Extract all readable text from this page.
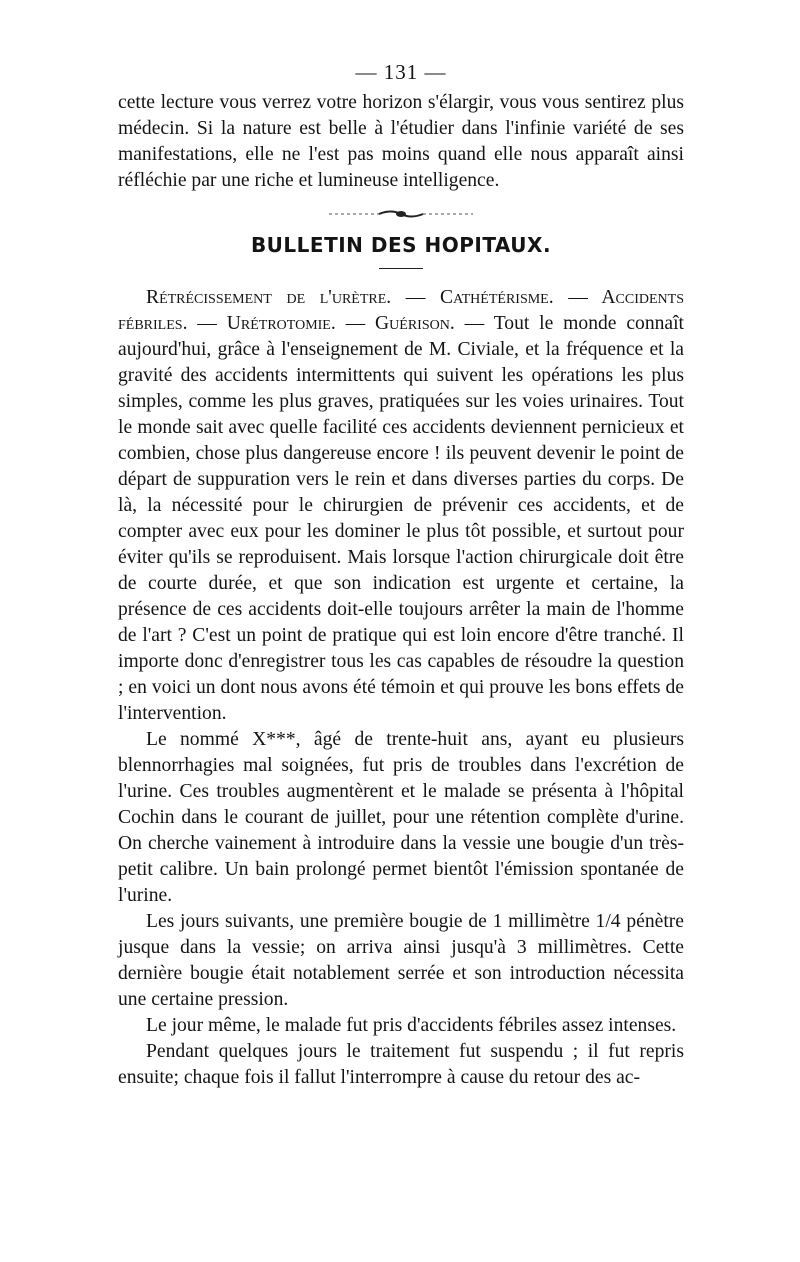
— 131 —

cette lecture vous verrez votre horizon s'élargir, vous vous sentirez plus médecin. Si la nature est belle à l'étudier dans l'infinie variété de ses manifestations, elle ne l'est pas moins quand elle nous apparaît ainsi réfléchie par une riche et lumineuse intelligence.

BULLETIN DES HOPITAUX.

Rétrécissement de l'urètre. — Cathétérisme. — Accidents fébriles. — Urétrotomie. — Guérison. — Tout le monde connaît aujourd'hui, grâce à l'enseignement de M. Civiale, et la fréquence et la gravité des accidents intermittents qui suivent les opérations les plus simples, comme les plus graves, pratiquées sur les voies urinaires. Tout le monde sait avec quelle facilité ces accidents deviennent pernicieux et combien, chose plus dangereuse encore ! ils peuvent devenir le point de départ de suppuration vers le rein et dans diverses parties du corps. De là, la nécessité pour le chirurgien de prévenir ces accidents, et de compter avec eux pour les dominer le plus tôt possible, et surtout pour éviter qu'ils se reproduisent. Mais lorsque l'action chirurgicale doit être de courte durée, et que son indication est urgente et certaine, la présence de ces accidents doit-elle toujours arrêter la main de l'homme de l'art ? C'est un point de pratique qui est loin encore d'être tranché. Il importe donc d'enregistrer tous les cas capables de résoudre la question ; en voici un dont nous avons été témoin et qui prouve les bons effets de l'intervention.

Le nommé X***, âgé de trente-huit ans, ayant eu plusieurs blennorrhagies mal soignées, fut pris de troubles dans l'excrétion de l'urine. Ces troubles augmentèrent et le malade se présenta à l'hôpital Cochin dans le courant de juillet, pour une rétention complète d'urine. On cherche vainement à introduire dans la vessie une bougie d'un très-petit calibre. Un bain prolongé permet bientôt l'émission spontanée de l'urine.

Les jours suivants, une première bougie de 1 millimètre 1/4 pénètre jusque dans la vessie; on arriva ainsi jusqu'à 3 millimètres. Cette dernière bougie était notablement serrée et son introduction nécessita une certaine pression.

Le jour même, le malade fut pris d'accidents fébriles assez intenses.

Pendant quelques jours le traitement fut suspendu ; il fut repris ensuite; chaque fois il fallut l'interrompre à cause du retour des ac-
